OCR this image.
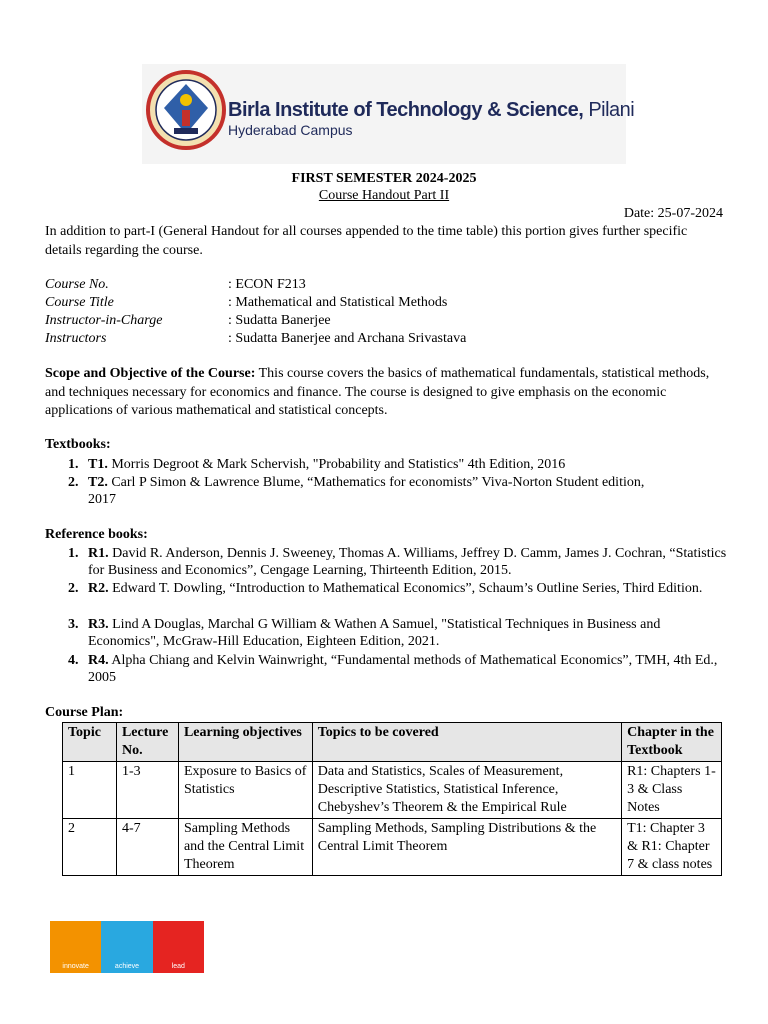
Birla Institute of Technology & Science, Pilani
Hyderabad Campus
FIRST SEMESTER 2024-2025
Course Handout Part II
Date: 25-07-2024
In addition to part-I (General Handout for all courses appended to the time table) this portion gives further specific details regarding the course.
Course No.	: ECON F213
Course Title	: Mathematical and Statistical Methods
Instructor-in-Charge	: Sudatta Banerjee
Instructors	: Sudatta Banerjee and Archana Srivastava
Scope and Objective of the Course: This course covers the basics of mathematical fundamentals, statistical methods, and techniques necessary for economics and finance. The course is designed to give emphasis on the economic applications of various mathematical and statistical concepts.
Textbooks:
1. T1. Morris Degroot & Mark Schervish, "Probability and Statistics" 4th Edition, 2016
2. T2. Carl P Simon & Lawrence Blume, “Mathematics for economists” Viva-Norton Student edition, 2017
Reference books:
1. R1. David R. Anderson, Dennis J. Sweeney, Thomas A. Williams, Jeffrey D. Camm, James J. Cochran, “Statistics for Business and Economics”, Cengage Learning, Thirteenth Edition, 2015.
2. R2. Edward T. Dowling, “Introduction to Mathematical Economics”, Schaum’s Outline Series, Third Edition.
3. R3. Lind A Douglas, Marchal G William & Wathen A Samuel, "Statistical Techniques in Business and Economics", McGraw-Hill Education, Eighteen Edition, 2021.
4. R4. Alpha Chiang and Kelvin Wainwright, “Fundamental methods of Mathematical Economics”, TMH, 4th Ed., 2005
Course Plan:
Topic	Lecture No.	Learning objectives	Topics to be covered	Chapter in the Textbook
1	1-3	Exposure to Basics of Statistics	Data and Statistics, Scales of Measurement, Descriptive Statistics, Statistical Inference, Chebyshev’s Theorem & the Empirical Rule	R1: Chapters 1-3 & Class Notes
2	4-7	Sampling Methods and the Central Limit Theorem	Sampling Methods, Sampling Distributions & the Central Limit Theorem	T1: Chapter 3 & R1: Chapter 7 & class notes
innovate	achieve	lead
